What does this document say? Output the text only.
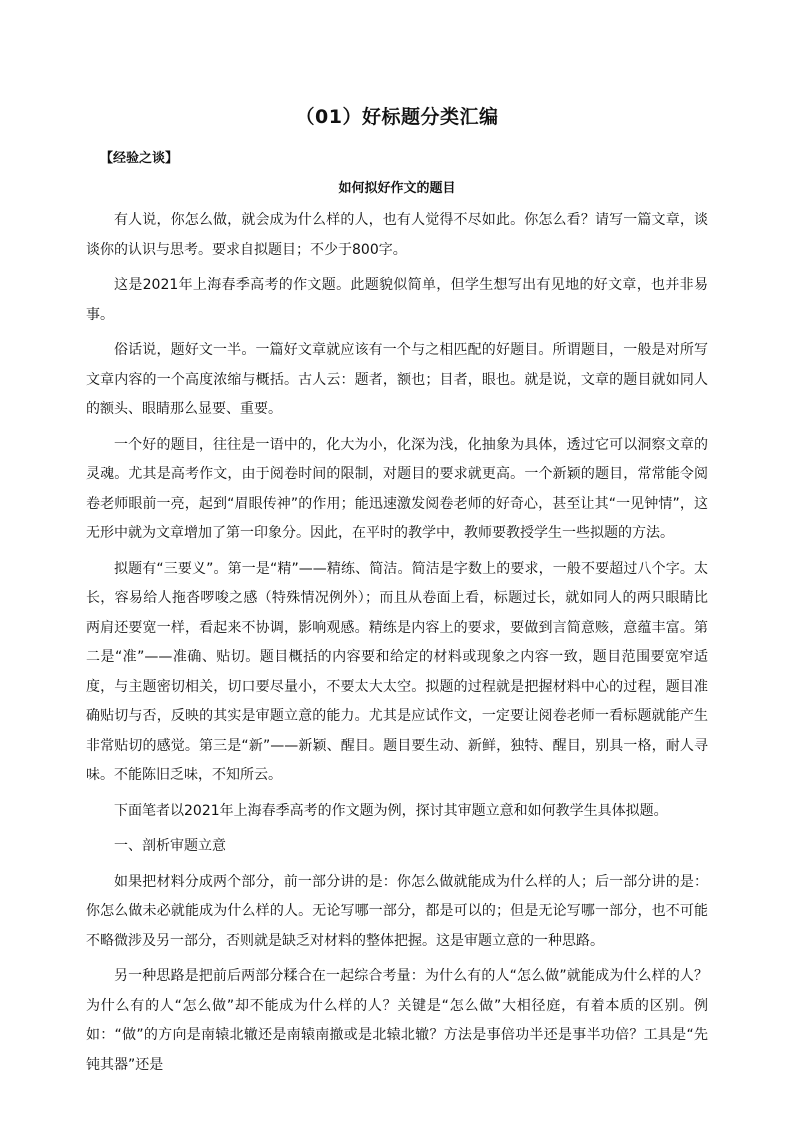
（01）好标题分类汇编
【经验之谈】
如何拟好作文的题目

有人说，你怎么做，就会成为什么样的人，也有人觉得不尽如此。你怎么看？请写一篇文章，谈谈你的认识与思考。要求自拟题目；不少于800字。

这是2021年上海春季高考的作文题。此题貌似简单，但学生想写出有见地的好文章，也并非易事。

俗话说，题好文一半。一篇好文章就应该有一个与之相匹配的好题目。所谓题目，一般是对所写文章内容的一个高度浓缩与概括。古人云：题者，额也；目者，眼也。就是说，文章的题目就如同人的额头、眼睛那么显要、重要。

一个好的题目，往往是一语中的，化大为小，化深为浅，化抽象为具体，透过它可以洞察文章的灵魂。尤其是高考作文，由于阅卷时间的限制，对题目的要求就更高。一个新颖的题目，常常能令阅卷老师眼前一亮，起到“眉眼传神”的作用；能迅速激发阅卷老师的好奇心，甚至让其“一见钟情”，这无形中就为文章增加了第一印象分。因此，在平时的教学中，教师要教授学生一些拟题的方法。

拟题有“三要义”。第一是“精”——精练、简洁。简洁是字数上的要求，一般不要超过八个字。太长，容易给人拖沓啰唆之感（特殊情况例外）；而且从卷面上看，标题过长，就如同人的两只眼睛比两肩还要宽一样，看起来不协调，影响观感。精练是内容上的要求，要做到言简意赅，意蕴丰富。第二是“准”——准确、贴切。题目概括的内容要和给定的材料或现象之内容一致，题目范围要宽窄适度，与主题密切相关，切口要尽量小，不要太大太空。拟题的过程就是把握材料中心的过程，题目准确贴切与否，反映的其实是审题立意的能力。尤其是应试作文，一定要让阅卷老师一看标题就能产生非常贴切的感觉。第三是“新”——新颖、醒目。题目要生动、新鲜，独特、醒目，别具一格，耐人寻味。不能陈旧乏味，不知所云。

下面笔者以2021年上海春季高考的作文题为例，探讨其审题立意和如何教学生具体拟题。

一、剖析审题立意

如果把材料分成两个部分，前一部分讲的是：你怎么做就能成为什么样的人；后一部分讲的是：你怎么做未必就能成为什么样的人。无论写哪一部分，都是可以的；但是无论写哪一部分，也不可能不略微涉及另一部分，否则就是缺乏对材料的整体把握。这是审题立意的一种思路。

另一种思路是把前后两部分糅合在一起综合考量：为什么有的人“怎么做”就能成为什么样的人？为什么有的人“怎么做”却不能成为什么样的人？关键是“怎么做”大相径庭，有着本质的区别。例如：“做”的方向是南辕北辙还是南辕南撤或是北辕北辙？方法是事倍功半还是事半功倍？工具是“先钝其器”还是
